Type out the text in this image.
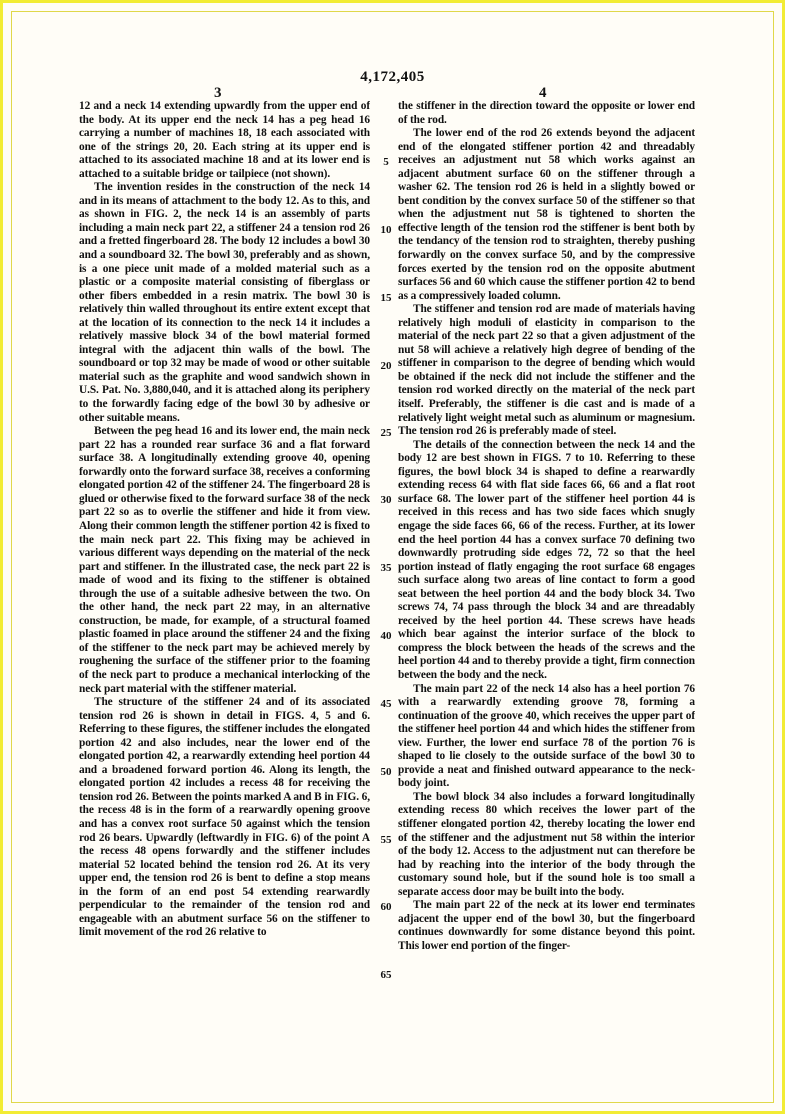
4,172,405
3	4

12 and a neck 14 extending upwardly from the upper end of the body. At its upper end the neck 14 has a peg head 16 carrying a number of machines 18, 18 each associated with one of the strings 20, 20. Each string at its upper end is attached to its associated machine 18 and at its lower end is attached to a suitable bridge or tailpiece (not shown).

The invention resides in the construction of the neck 14 and in its means of attachment to the body 12. As to this, and as shown in FIG. 2, the neck 14 is an assembly of parts including a main neck part 22, a stiffener 24 a tension rod 26 and a fretted fingerboard 28. The body 12 includes a bowl 30 and a soundboard 32. The bowl 30, preferably and as shown, is a one piece unit made of a molded material such as a plastic or a composite material consisting of fiberglass or other fibers embedded in a resin matrix. The bowl 30 is relatively thin walled throughout its entire extent except that at the location of its connection to the neck 14 it includes a relatively massive block 34 of the bowl material formed integral with the adjacent thin walls of the bowl. The soundboard or top 32 may be made of wood or other suitable material such as the graphite and wood sandwich shown in U.S. Pat. No. 3,880,040, and it is attached along its periphery to the forwardly facing edge of the bowl 30 by adhesive or other suitable means.

Between the peg head 16 and its lower end, the main neck part 22 has a rounded rear surface 36 and a flat forward surface 38. A longitudinally extending groove 40, opening forwardly onto the forward surface 38, receives a conforming elongated portion 42 of the stiffener 24. The fingerboard 28 is glued or otherwise fixed to the forward surface 38 of the neck part 22 so as to overlie the stiffener and hide it from view. Along their common length the stiffener portion 42 is fixed to the main neck part 22. This fixing may be achieved in various different ways depending on the material of the neck part and stiffener. In the illustrated case, the neck part 22 is made of wood and its fixing to the stiffener is obtained through the use of a suitable adhesive between the two. On the other hand, the neck part 22 may, in an alternative construction, be made, for example, of a structural foamed plastic foamed in place around the stiffener 24 and the fixing of the stiffener to the neck part may be achieved merely by roughening the surface of the stiffener prior to the foaming of the neck part to produce a mechanical interlocking of the neck part material with the stiffener material.

The structure of the stiffener 24 and of its associated tension rod 26 is shown in detail in FIGS. 4, 5 and 6. Referring to these figures, the stiffener includes the elongated portion 42 and also includes, near the lower end of the elongated portion 42, a rearwardly extending heel portion 44 and a broadened forward portion 46. Along its length, the elongated portion 42 includes a recess 48 for receiving the tension rod 26. Between the points marked A and B in FIG. 6, the recess 48 is in the form of a rearwardly opening groove and has a convex root surface 50 against which the tension rod 26 bears. Upwardly (leftwardly in FIG. 6) of the point A the recess 48 opens forwardly and the stiffener includes material 52 located behind the tension rod 26. At its very upper end, the tension rod 26 is bent to define a stop means in the form of an end post 54 extending rearwardly perpendicular to the remainder of the tension rod and engageable with an abutment surface 56 on the stiffener to limit movement of the rod 26 relative to

the stiffener in the direction toward the opposite or lower end of the rod.

The lower end of the rod 26 extends beyond the adjacent end of the elongated stiffener portion 42 and threadably receives an adjustment nut 58 which works against an adjacent abutment surface 60 on the stiffener through a washer 62. The tension rod 26 is held in a slightly bowed or bent condition by the convex surface 50 of the stiffener so that when the adjustment nut 58 is tightened to shorten the effective length of the tension rod the stiffener is bent both by the tendancy of the tension rod to straighten, thereby pushing forwardly on the convex surface 50, and by the compressive forces exerted by the tension rod on the opposite abutment surfaces 56 and 60 which cause the stiffener portion 42 to bend as a compressively loaded column.

The stiffener and tension rod are made of materials having relatively high moduli of elasticity in comparison to the material of the neck part 22 so that a given adjustment of the nut 58 will achieve a relatively high degree of bending of the stiffener in comparison to the degree of bending which would be obtained if the neck did not include the stiffener and the tension rod worked directly on the material of the neck part itself. Preferably, the stiffener is die cast and is made of a relatively light weight metal such as aluminum or magnesium. The tension rod 26 is preferably made of steel.

The details of the connection between the neck 14 and the body 12 are best shown in FIGS. 7 to 10. Referring to these figures, the bowl block 34 is shaped to define a rearwardly extending recess 64 with flat side faces 66, 66 and a flat root surface 68. The lower part of the stiffener heel portion 44 is received in this recess and has two side faces which snugly engage the side faces 66, 66 of the recess. Further, at its lower end the heel portion 44 has a convex surface 70 defining two downwardly protruding side edges 72, 72 so that the heel portion instead of flatly engaging the root surface 68 engages such surface along two areas of line contact to form a good seat between the heel portion 44 and the body block 34. Two screws 74, 74 pass through the block 34 and are threadably received by the heel portion 44. These screws have heads which bear against the interior surface of the block to compress the block between the heads of the screws and the heel portion 44 and to thereby provide a tight, firm connection between the body and the neck.

The main part 22 of the neck 14 also has a heel portion 76 with a rearwardly extending groove 78, forming a continuation of the groove 40, which receives the upper part of the stiffener heel portion 44 and which hides the stiffener from view. Further, the lower end surface 78 of the portion 76 is shaped to lie closely to the outside surface of the bowl 30 to provide a neat and finished outward appearance to the neck-body joint.

The bowl block 34 also includes a forward longitudinally extending recess 80 which receives the lower part of the stiffener elongated portion 42, thereby locating the lower end of the stiffener and the adjustment nut 58 within the interior of the body 12. Access to the adjustment nut can therefore be had by reaching into the interior of the body through the customary sound hole, but if the sound hole is too small a separate access door may be built into the body.

The main part 22 of the neck at its lower end terminates adjacent the upper end of the bowl 30, but the fingerboard continues downwardly for some distance beyond this point. This lower end portion of the finger-

5
10
15
20
25
30
35
40
45
50
55
60
65
